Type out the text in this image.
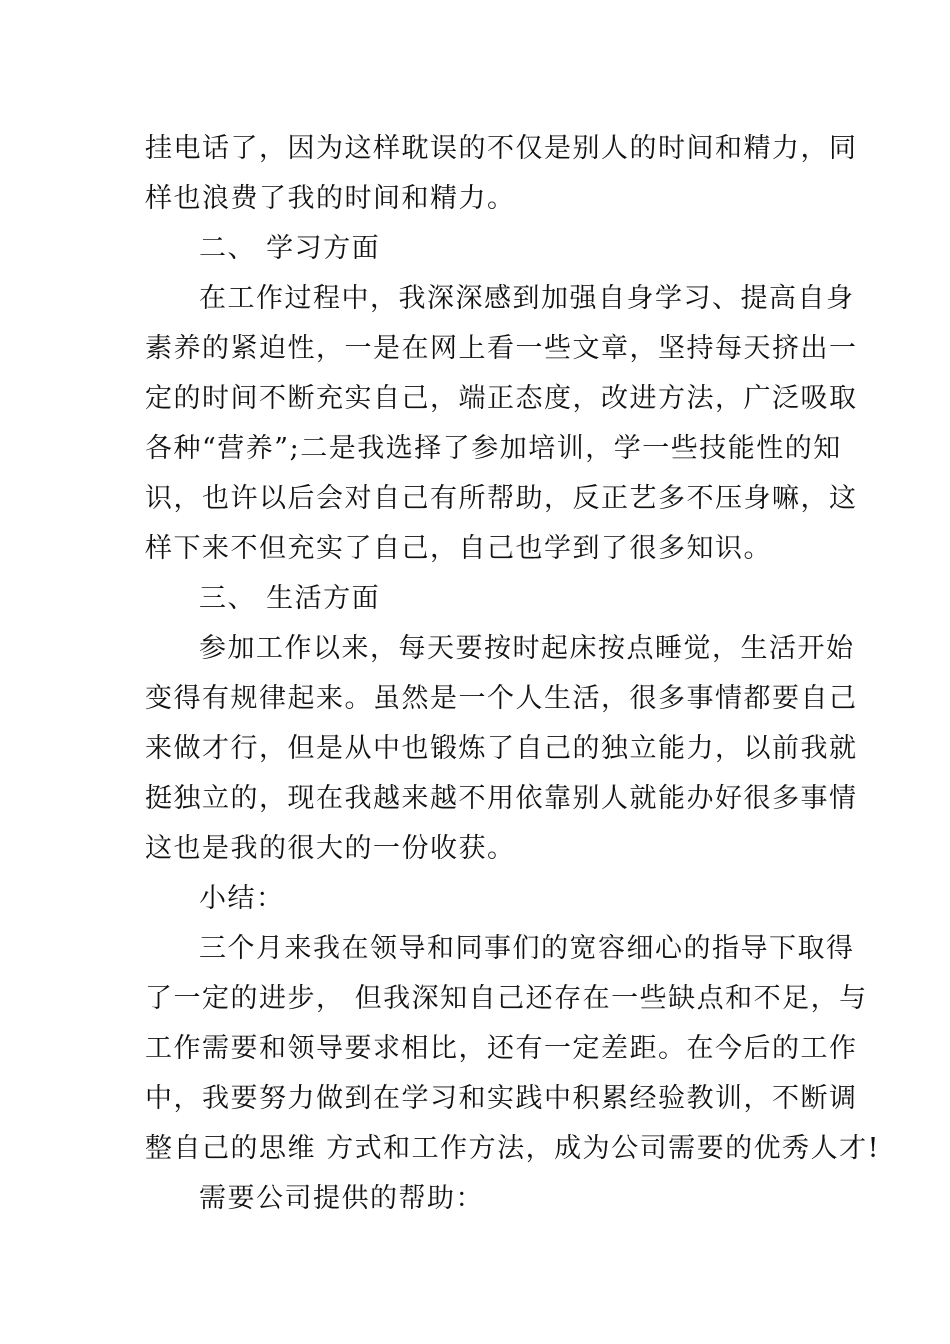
挂电话了，因为这样耽误的不仅是别人的时间和精力，同
样也浪费了我的时间和精力。
二、 学习方面
在工作过程中，我深深感到加强自身学习、提高自身
素养的紧迫性，一是在网上看一些文章，坚持每天挤出一
定的时间不断充实自己，端正态度，改进方法，广泛吸取
各种“营养”;二是我选择了参加培训，学一些技能性的知
识，也许以后会对自己有所帮助，反正艺多不压身嘛，这
样下来不但充实了自己，自己也学到了很多知识。
三、 生活方面
参加工作以来，每天要按时起床按点睡觉，生活开始
变得有规律起来。虽然是一个人生活，很多事情都要自己
来做才行，但是从中也锻炼了自己的独立能力，以前我就
挺独立的，现在我越来越不用依靠别人就能办好很多事情
这也是我的很大的一份收获。
小结：
三个月来我在领导和同事们的宽容细心的指导下取得
了一定的进步， 但我深知自己还存在一些缺点和不足，与
工作需要和领导要求相比，还有一定差距。在今后的工作
中，我要努力做到在学习和实践中积累经验教训，不断调
整自己的思维 方式和工作方法，成为公司需要的优秀人才!
需要公司提供的帮助：
